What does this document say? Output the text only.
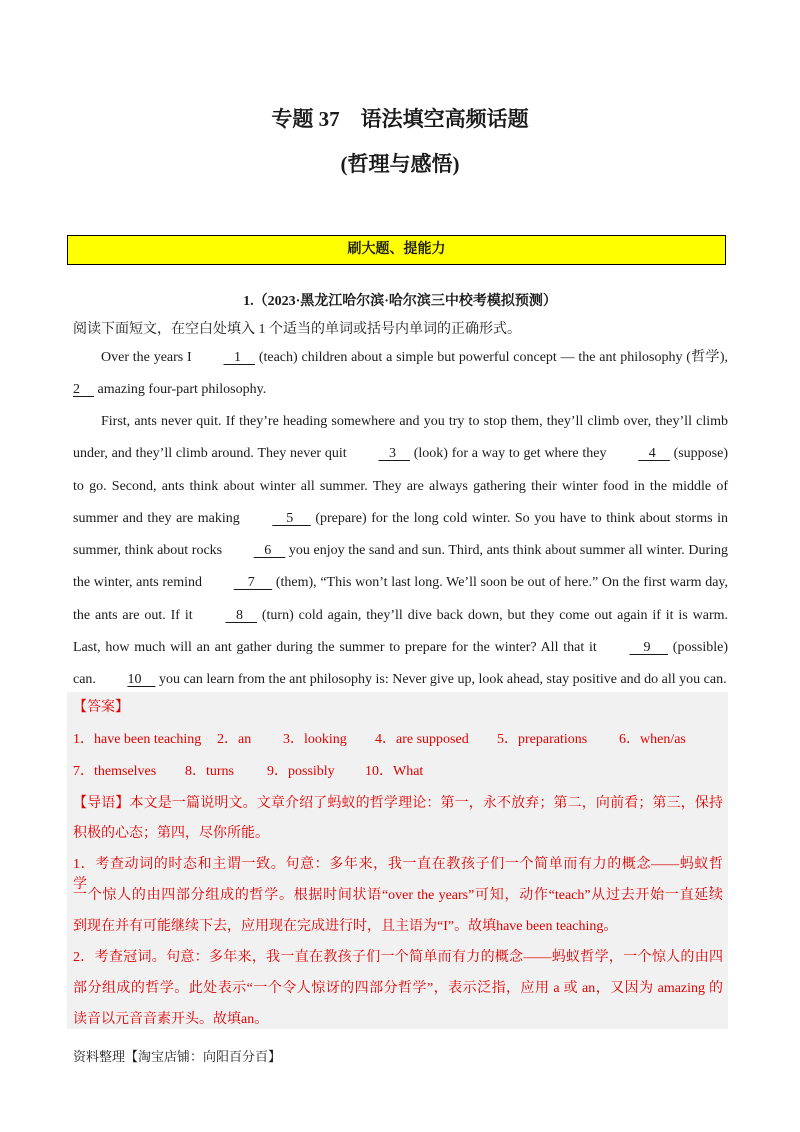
专题 37　语法填空高频话题
(哲理与感悟)
刷大题、提能力
1.（2023·黑龙江哈尔滨·哈尔滨三中校考模拟预测）
阅读下面短文，在空白处填入 1 个适当的单词或括号内单词的正确形式。
Over the years I    1     (teach) children about a simple but powerful concept — the ant philosophy (哲学),
2     amazing four-part philosophy.
First, ants never quit. If they’re heading somewhere and you try to stop them, they’ll climb over, they’ll climb under, and they’ll climb around. They never quit    3     (look) for a way to get where they    4     (suppose) to go. Second, ants think about winter all summer. They are always gathering their winter food in the middle of summer and they are making     5      (prepare) for the long cold winter. So you have to think about storms in summer, think about rocks    6     you enjoy the sand and sun. Third, ants think about summer all winter. During the winter, ants remind     7      (them), “This won’t last long. We’ll soon be out of here.” On the first warm day, the ants are out. If it    8     (turn) cold again, they’ll dive back down, but they come out again if it is warm. Last, how much will an ant gather during the summer to prepare for the winter? All that it     9      (possible) can. 10     you can learn from the ant philosophy is: Never give up, look ahead, stay positive and do all you can.
【答案】
1．have been teaching 2．an 3．looking 4．are supposed 5．preparations 6．when/as
7．themselves 8．turns 9．possibly 10．What
【导语】本文是一篇说明文。文章介绍了蚂蚁的哲学理论：第一，永不放弃；第二，向前看；第三，保持
积极的心态；第四，尽你所能。
1．考查动词的时态和主谓一致。句意：多年来，我一直在教孩子们一个简单而有力的概念——蚂蚁哲学，
一个惊人的由四部分组成的哲学。根据时间状语“over the years”可知，动作“teach”从过去开始一直延续
到现在并有可能继续下去，应用现在完成进行时，且主语为“I”。故填have been teaching。
2．考查冠词。句意：多年来，我一直在教孩子们一个简单而有力的概念——蚂蚁哲学，一个惊人的由四
部分组成的哲学。此处表示“一个令人惊讶的四部分哲学”，表示泛指，应用 a 或 an，又因为 amazing 的
读音以元音音素开头。故填an。
资料整理【淘宝店铺：向阳百分百】
